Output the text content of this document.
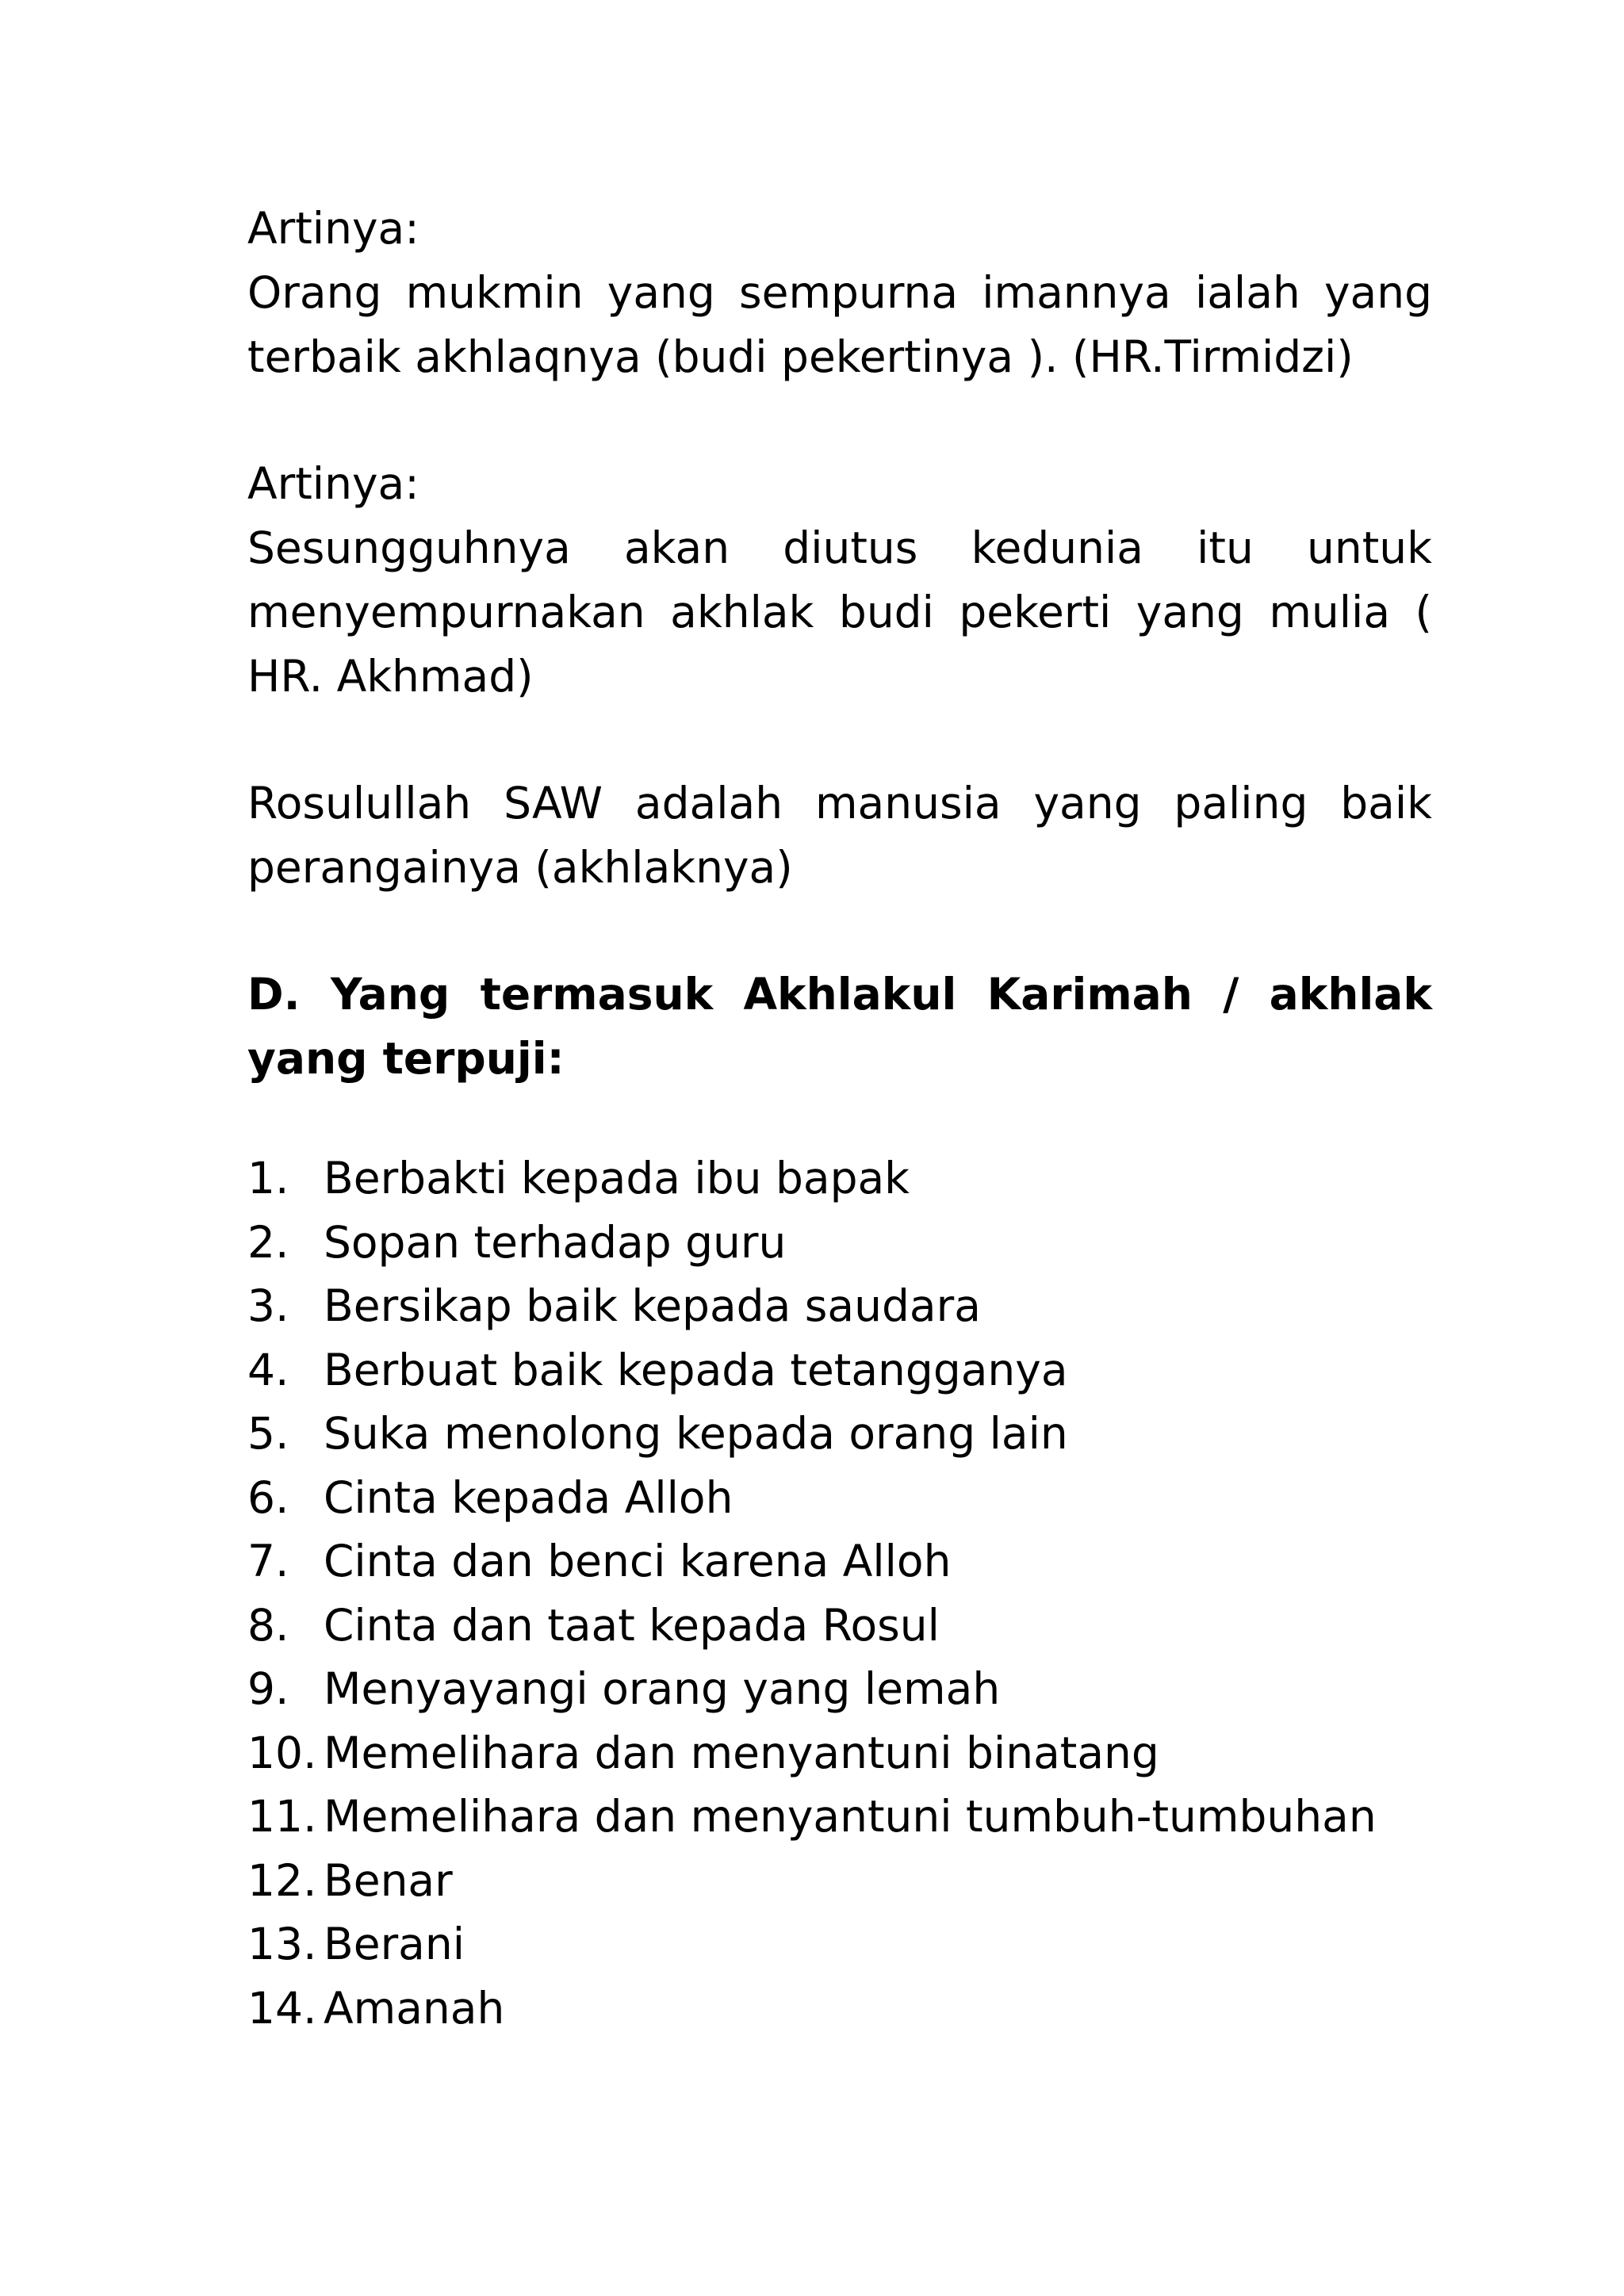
Artinya:

Orang mukmin yang sempurna imannya ialah yang terbaik akhlaqnya (budi pekertinya ). (HR.Tirmidzi)

Artinya:

Sesungguhnya akan diutus kedunia itu untuk menyempurnakan akhlak budi pekerti yang mulia ( HR. Akhmad)

Rosulullah SAW adalah manusia yang paling baik perangainya (akhlaknya)

D. Yang termasuk Akhlakul Karimah / akhlak yang terpuji:

1. Berbakti kepada ibu bapak
2. Sopan terhadap guru
3. Bersikap baik kepada saudara
4. Berbuat baik kepada tetangganya
5. Suka menolong kepada orang lain
6. Cinta kepada Alloh
7. Cinta dan benci karena Alloh
8. Cinta dan taat kepada Rosul
9. Menyayangi orang yang lemah
10. Memelihara dan menyantuni binatang
11. Memelihara dan menyantuni tumbuh-tumbuhan
12. Benar
13. Berani
14. Amanah
